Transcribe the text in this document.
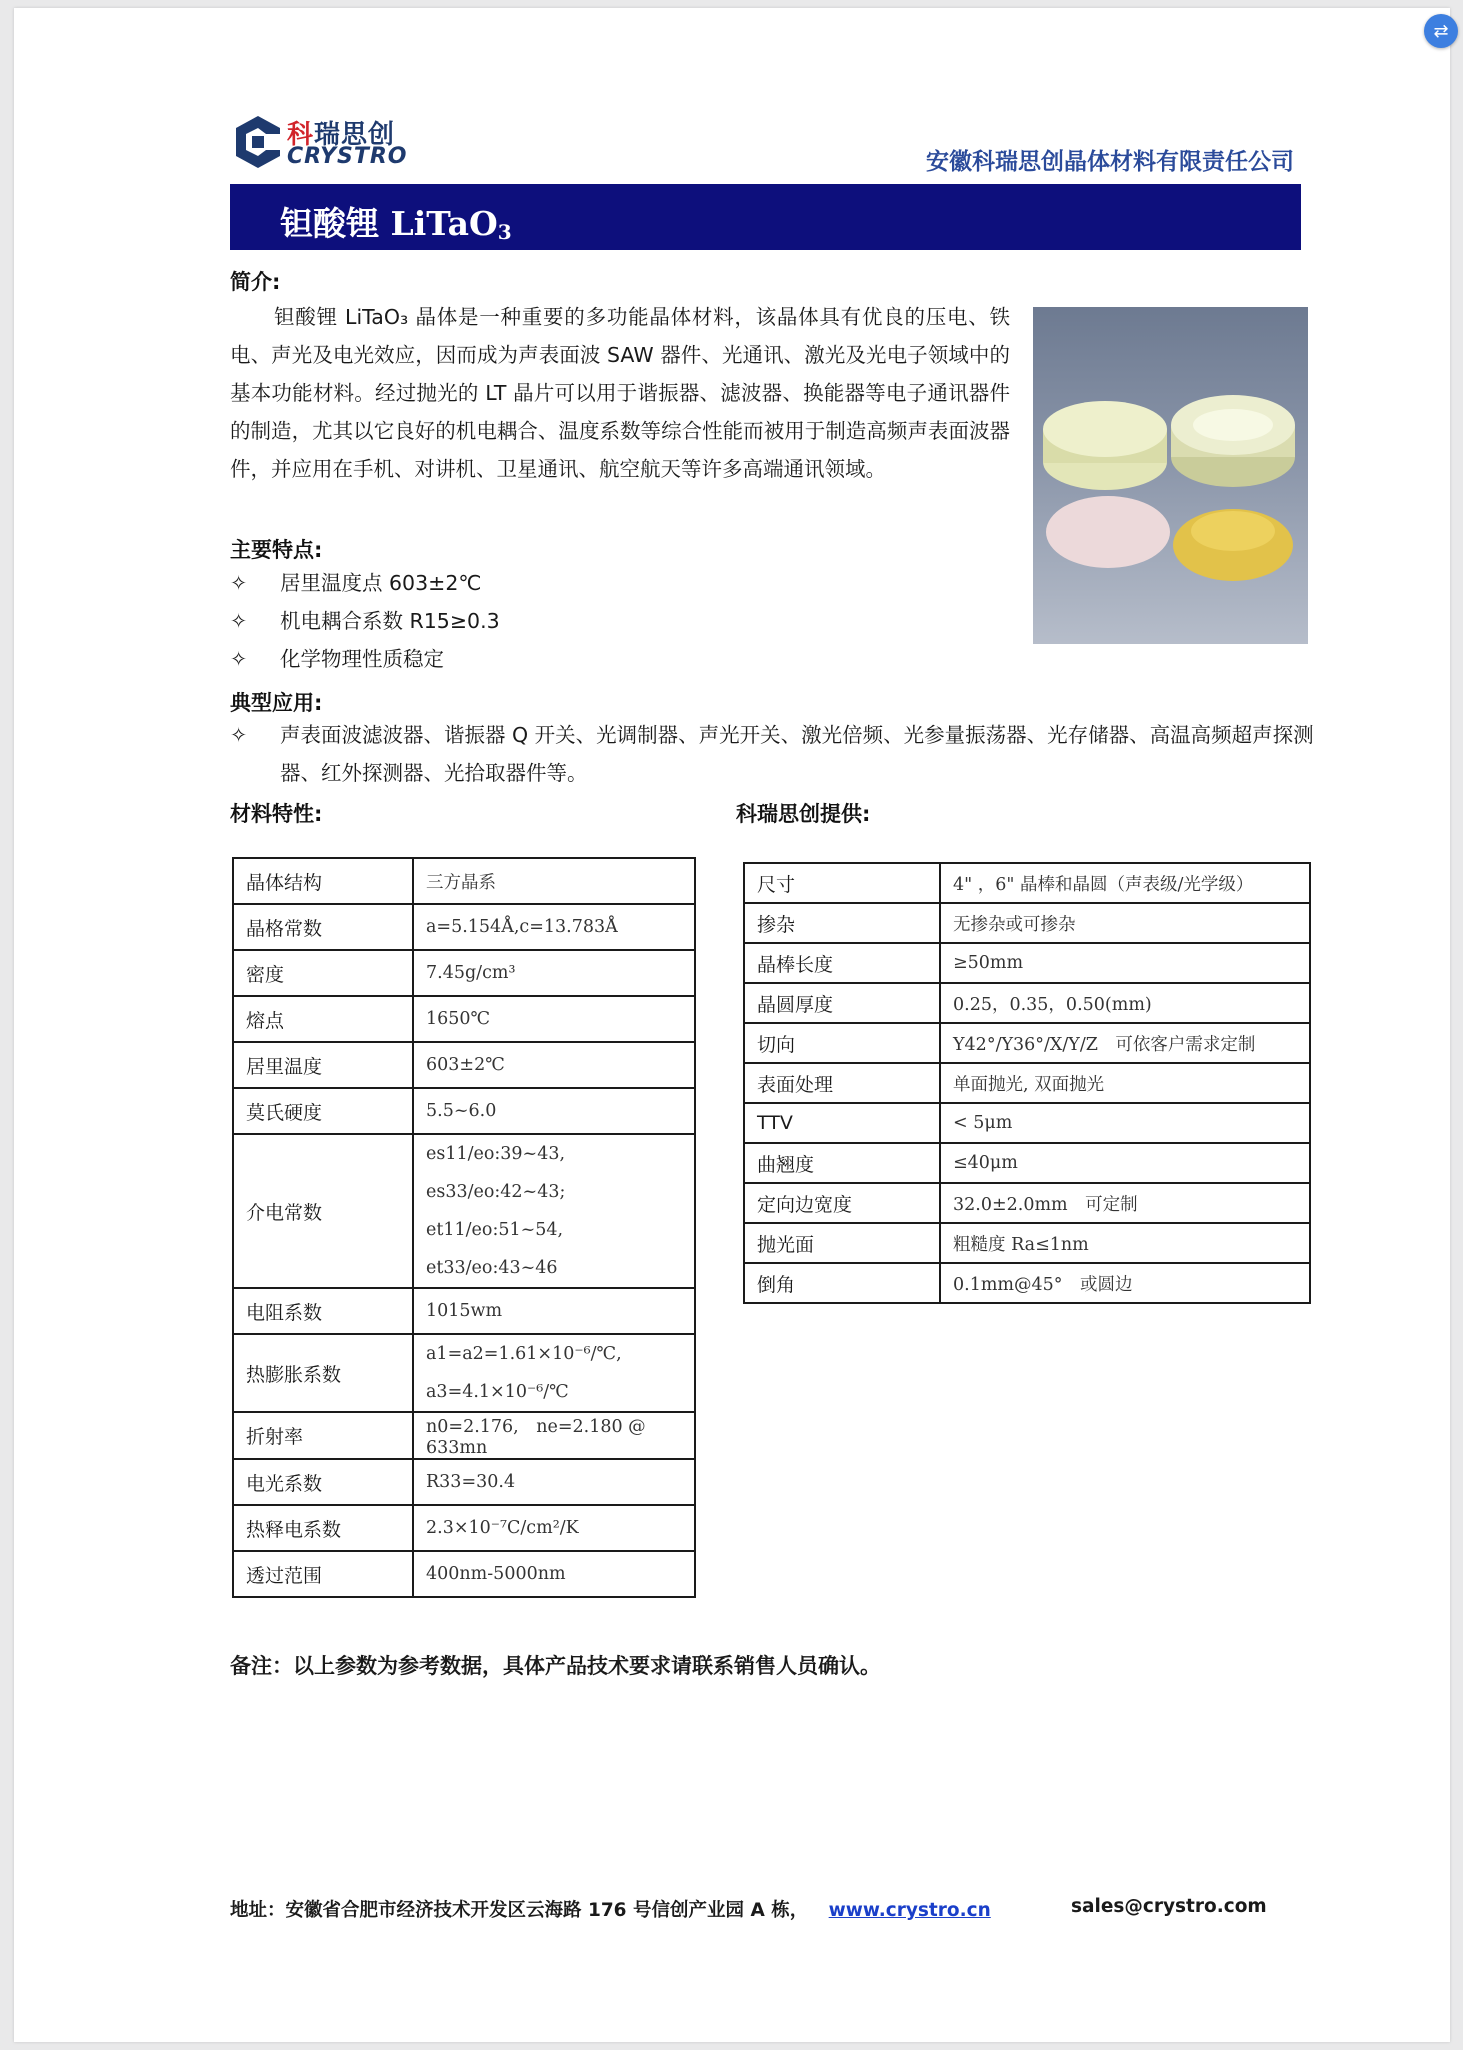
科瑞思创
CRYSTRO	安徽科瑞思创晶体材料有限责任公司
钽酸锂 LiTaO$_3$
简介:
钽酸锂 LiTaO₃ 晶体是一种重要的多功能晶体材料，该晶体具有优良的压电、铁电、声光及电光效应，因而成为声表面波 SAW 器件、光通讯、激光及光电子领域中的基本功能材料。经过抛光的 LT 晶片可以用于谐振器、滤波器、换能器等电子通讯器件的制造，尤其以它良好的机电耦合、温度系数等综合性能而被用于制造高频声表面波器件，并应用在手机、对讲机、卫星通讯、航空航天等许多高端通讯领域。
主要特点:
✧	居里温度点 603±2℃
✧	机电耦合系数 R15≥0.3
✧	化学物理性质稳定
典型应用:
✧ 声表面波滤波器、谐振器 Q 开关、光调制器、声光开关、激光倍频、光参量振荡器、光存储器、高温高频超声探测器、红外探测器、光拾取器件等。
材料特性:	科瑞思创提供:
晶体结构	三方晶系
晶格常数	a=5.154Å,c=13.783Å
密度	7.45g/cm³
熔点	1650℃
居里温度	603±2℃
莫氏硬度	5.5~6.0
介电常数	es11/eo:39~43, es33/eo:42~43;
et11/eo:51~54, et33/eo:43~46

电阻系数	1015wm
热膨胀系数	a1=a2=1.61×10⁻⁶/℃,
a3=4.1×10⁻⁶/℃

折射率	n0=2.176,　ne=2.180 @ 633mn
电光系数	R33=30.4
热释电系数	2.3×10⁻⁷C/cm²/K
透过范围	400nm-5000nm
尺寸	4" ，6" 晶棒和晶圆（声表级/光学级）
掺杂	无掺杂或可掺杂
晶棒长度	≥50mm
晶圆厚度	0.25，0.35，0.50(mm)
切向	Y42°/Y36°/X/Y/Z　可依客户需求定制
表面处理	单面抛光, 双面抛光
TTV	< 5μm
曲翘度	≤40μm
定向边宽度	32.0±2.0mm　可定制
抛光面	粗糙度 Ra≤1nm
倒角	0.1mm@45°　或圆边
备注：以上参数为参考数据，具体产品技术要求请联系销售人员确认。
地址：安徽省合肥市经济技术开发区云海路 176 号信创产业园 A 栋， www.crystro.cn	sales@crystro.com
⇄
